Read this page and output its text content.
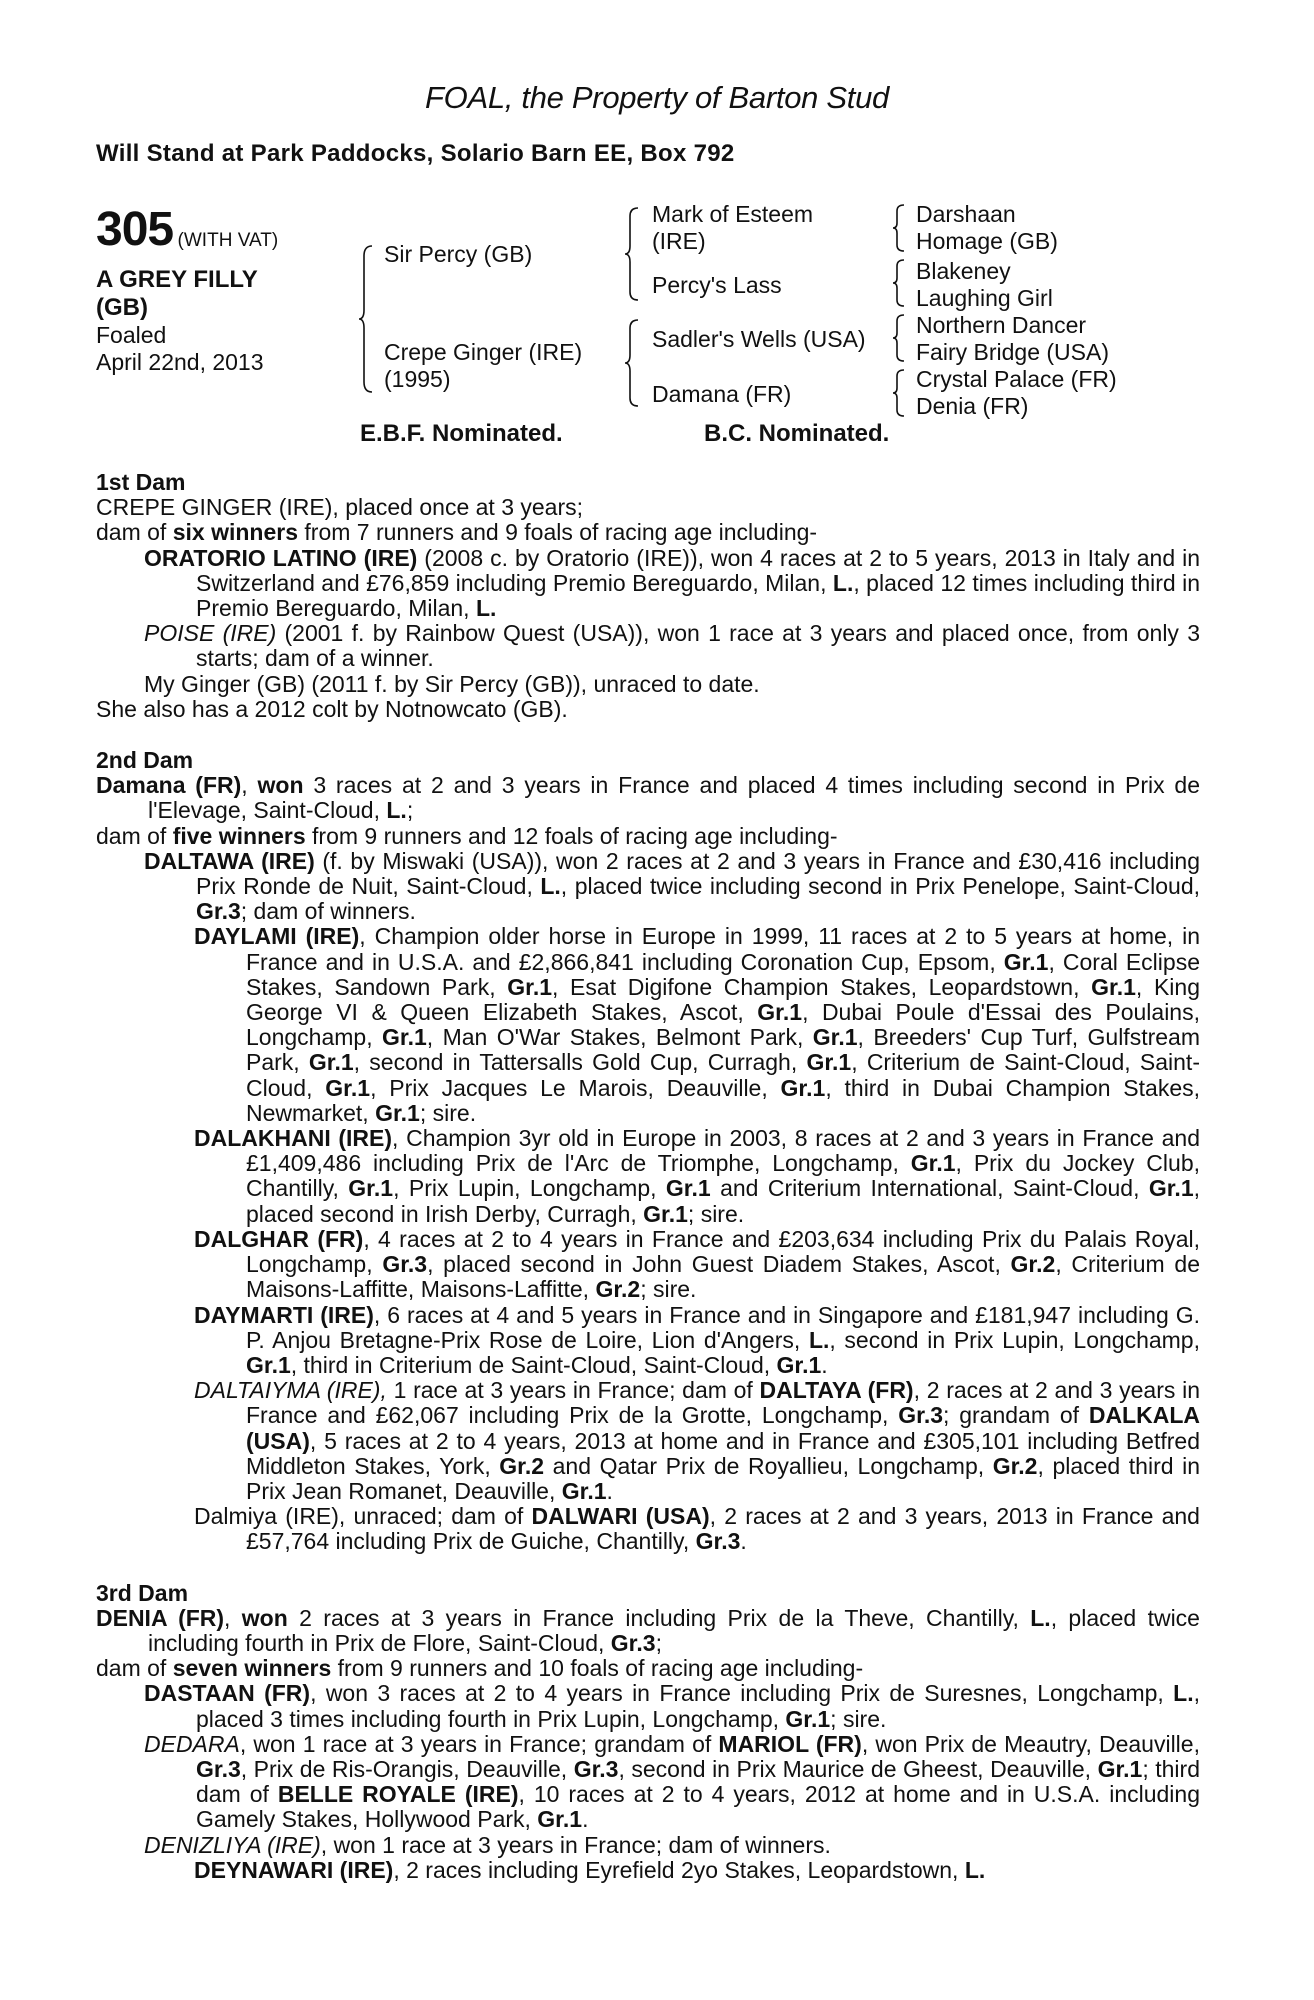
FOAL, the Property of Barton Stud
Will Stand at Park Paddocks, Solario Barn EE, Box 792
305 (WITH VAT)
A GREY FILLY (GB)
Foaled
April 22nd, 2013
Sir Percy (GB)
Crepe Ginger (IRE)
(1995)
Mark of Esteem
(IRE)
Percy's Lass
Sadler's Wells (USA)
Damana (FR)
Darshaan
Homage (GB)
Blakeney
Laughing Girl
Northern Dancer
Fairy Bridge (USA)
Crystal Palace (FR)
Denia (FR)
E.B.F. Nominated.	B.C. Nominated.
1st Dam
CREPE GINGER (IRE), placed once at 3 years;
dam of six winners from 7 runners and 9 foals of racing age including-
ORATORIO LATINO (IRE) (2008 c. by Oratorio (IRE)), won 4 races at 2 to 5 years, 2013 in Italy and in Switzerland and £76,859 including Premio Bereguardo, Milan, L., placed 12 times including third in Premio Bereguardo, Milan, L.
POISE (IRE) (2001 f. by Rainbow Quest (USA)), won 1 race at 3 years and placed once, from only 3 starts; dam of a winner.
My Ginger (GB) (2011 f. by Sir Percy (GB)), unraced to date.
She also has a 2012 colt by Notnowcato (GB).
2nd Dam
Damana (FR), won 3 races at 2 and 3 years in France and placed 4 times including second in Prix de l'Elevage, Saint-Cloud, L.;
dam of five winners from 9 runners and 12 foals of racing age including-
DALTAWA (IRE) (f. by Miswaki (USA)), won 2 races at 2 and 3 years in France and £30,416 including Prix Ronde de Nuit, Saint-Cloud, L., placed twice including second in Prix Penelope, Saint-Cloud, Gr.3; dam of winners.
DAYLAMI (IRE), Champion older horse in Europe in 1999, 11 races at 2 to 5 years at home, in France and in U.S.A. and £2,866,841 including Coronation Cup, Epsom, Gr.1, Coral Eclipse Stakes, Sandown Park, Gr.1, Esat Digifone Champion Stakes, Leopardstown, Gr.1, King George VI & Queen Elizabeth Stakes, Ascot, Gr.1, Dubai Poule d'Essai des Poulains, Longchamp, Gr.1, Man O'War Stakes, Belmont Park, Gr.1, Breeders' Cup Turf, Gulfstream Park, Gr.1, second in Tattersalls Gold Cup, Curragh, Gr.1, Criterium de Saint-Cloud, Saint-Cloud, Gr.1, Prix Jacques Le Marois, Deauville, Gr.1, third in Dubai Champion Stakes, Newmarket, Gr.1; sire.
DALAKHANI (IRE), Champion 3yr old in Europe in 2003, 8 races at 2 and 3 years in France and £1,409,486 including Prix de l'Arc de Triomphe, Longchamp, Gr.1, Prix du Jockey Club, Chantilly, Gr.1, Prix Lupin, Longchamp, Gr.1 and Criterium International, Saint-Cloud, Gr.1, placed second in Irish Derby, Curragh, Gr.1; sire.
DALGHAR (FR), 4 races at 2 to 4 years in France and £203,634 including Prix du Palais Royal, Longchamp, Gr.3, placed second in John Guest Diadem Stakes, Ascot, Gr.2, Criterium de Maisons-Laffitte, Maisons-Laffitte, Gr.2; sire.
DAYMARTI (IRE), 6 races at 4 and 5 years in France and in Singapore and £181,947 including G. P. Anjou Bretagne-Prix Rose de Loire, Lion d'Angers, L., second in Prix Lupin, Longchamp, Gr.1, third in Criterium de Saint-Cloud, Saint-Cloud, Gr.1.
DALTAIYMA (IRE), 1 race at 3 years in France; dam of DALTAYA (FR), 2 races at 2 and 3 years in France and £62,067 including Prix de la Grotte, Longchamp, Gr.3; grandam of DALKALA (USA), 5 races at 2 to 4 years, 2013 at home and in France and £305,101 including Betfred Middleton Stakes, York, Gr.2 and Qatar Prix de Royallieu, Longchamp, Gr.2, placed third in Prix Jean Romanet, Deauville, Gr.1.
Dalmiya (IRE), unraced; dam of DALWARI (USA), 2 races at 2 and 3 years, 2013 in France and £57,764 including Prix de Guiche, Chantilly, Gr.3.
3rd Dam
DENIA (FR), won 2 races at 3 years in France including Prix de la Theve, Chantilly, L., placed twice including fourth in Prix de Flore, Saint-Cloud, Gr.3;
dam of seven winners from 9 runners and 10 foals of racing age including-
DASTAAN (FR), won 3 races at 2 to 4 years in France including Prix de Suresnes, Longchamp, L., placed 3 times including fourth in Prix Lupin, Longchamp, Gr.1; sire.
DEDARA, won 1 race at 3 years in France; grandam of MARIOL (FR), won Prix de Meautry, Deauville, Gr.3, Prix de Ris-Orangis, Deauville, Gr.3, second in Prix Maurice de Gheest, Deauville, Gr.1; third dam of BELLE ROYALE (IRE), 10 races at 2 to 4 years, 2012 at home and in U.S.A. including Gamely Stakes, Hollywood Park, Gr.1.
DENIZLIYA (IRE), won 1 race at 3 years in France; dam of winners.
DEYNAWARI (IRE), 2 races including Eyrefield 2yo Stakes, Leopardstown, L.
